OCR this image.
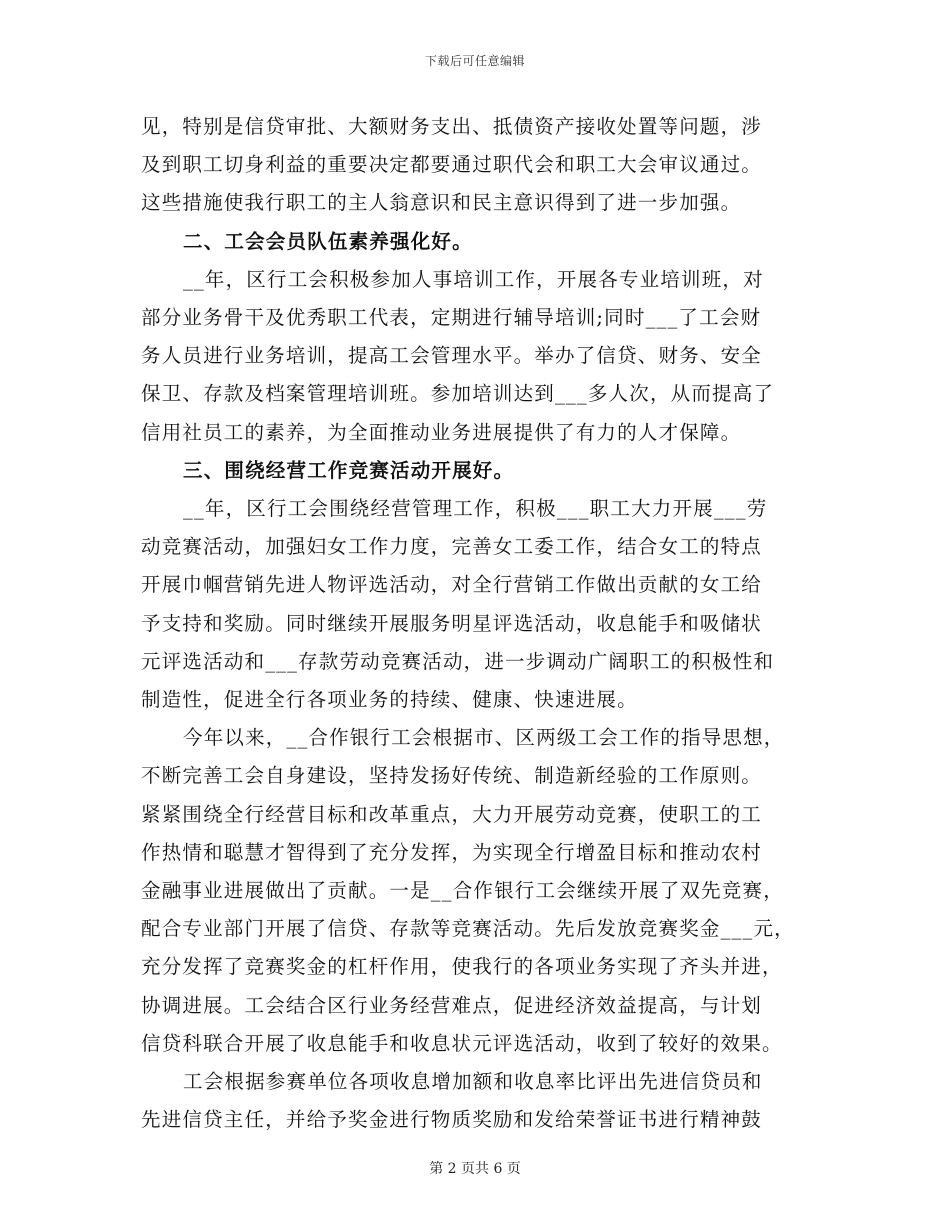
下载后可任意编辑
见，特别是信贷审批、大额财务支出、抵债资产接收处置等问题，涉
及到职工切身利益的重要决定都要通过职代会和职工大会审议通过。
这些措施使我行职工的主人翁意识和民主意识得到了进一步加强。
二、工会会员队伍素养强化好。
__年，区行工会积极参加人事培训工作，开展各专业培训班，对
部分业务骨干及优秀职工代表，定期进行辅导培训;同时___了工会财
务人员进行业务培训，提高工会管理水平。举办了信贷、财务、安全
保卫、存款及档案管理培训班。参加培训达到___多人次，从而提高了
信用社员工的素养，为全面推动业务进展提供了有力的人才保障。
三、围绕经营工作竞赛活动开展好。
__年，区行工会围绕经营管理工作，积极___职工大力开展___劳
动竞赛活动，加强妇女工作力度，完善女工委工作，结合女工的特点
开展巾帼营销先进人物评选活动，对全行营销工作做出贡献的女工给
予支持和奖励。同时继续开展服务明星评选活动，收息能手和吸储状
元评选活动和___存款劳动竞赛活动，进一步调动广阔职工的积极性和
制造性，促进全行各项业务的持续、健康、快速进展。
今年以来，__合作银行工会根据市、区两级工会工作的指导思想，
不断完善工会自身建设，坚持发扬好传统、制造新经验的工作原则。
紧紧围绕全行经营目标和改革重点，大力开展劳动竞赛，使职工的工
作热情和聪慧才智得到了充分发挥，为实现全行增盈目标和推动农村
金融事业进展做出了贡献。一是__合作银行工会继续开展了双先竞赛，
配合专业部门开展了信贷、存款等竞赛活动。先后发放竞赛奖金___元，
充分发挥了竞赛奖金的杠杆作用，使我行的各项业务实现了齐头并进，
协调进展。工会结合区行业务经营难点，促进经济效益提高，与计划
信贷科联合开展了收息能手和收息状元评选活动，收到了较好的效果。
工会根据参赛单位各项收息增加额和收息率比评出先进信贷员和
先进信贷主任，并给予奖金进行物质奖励和发给荣誉证书进行精神鼓
第 2 页共 6 页
